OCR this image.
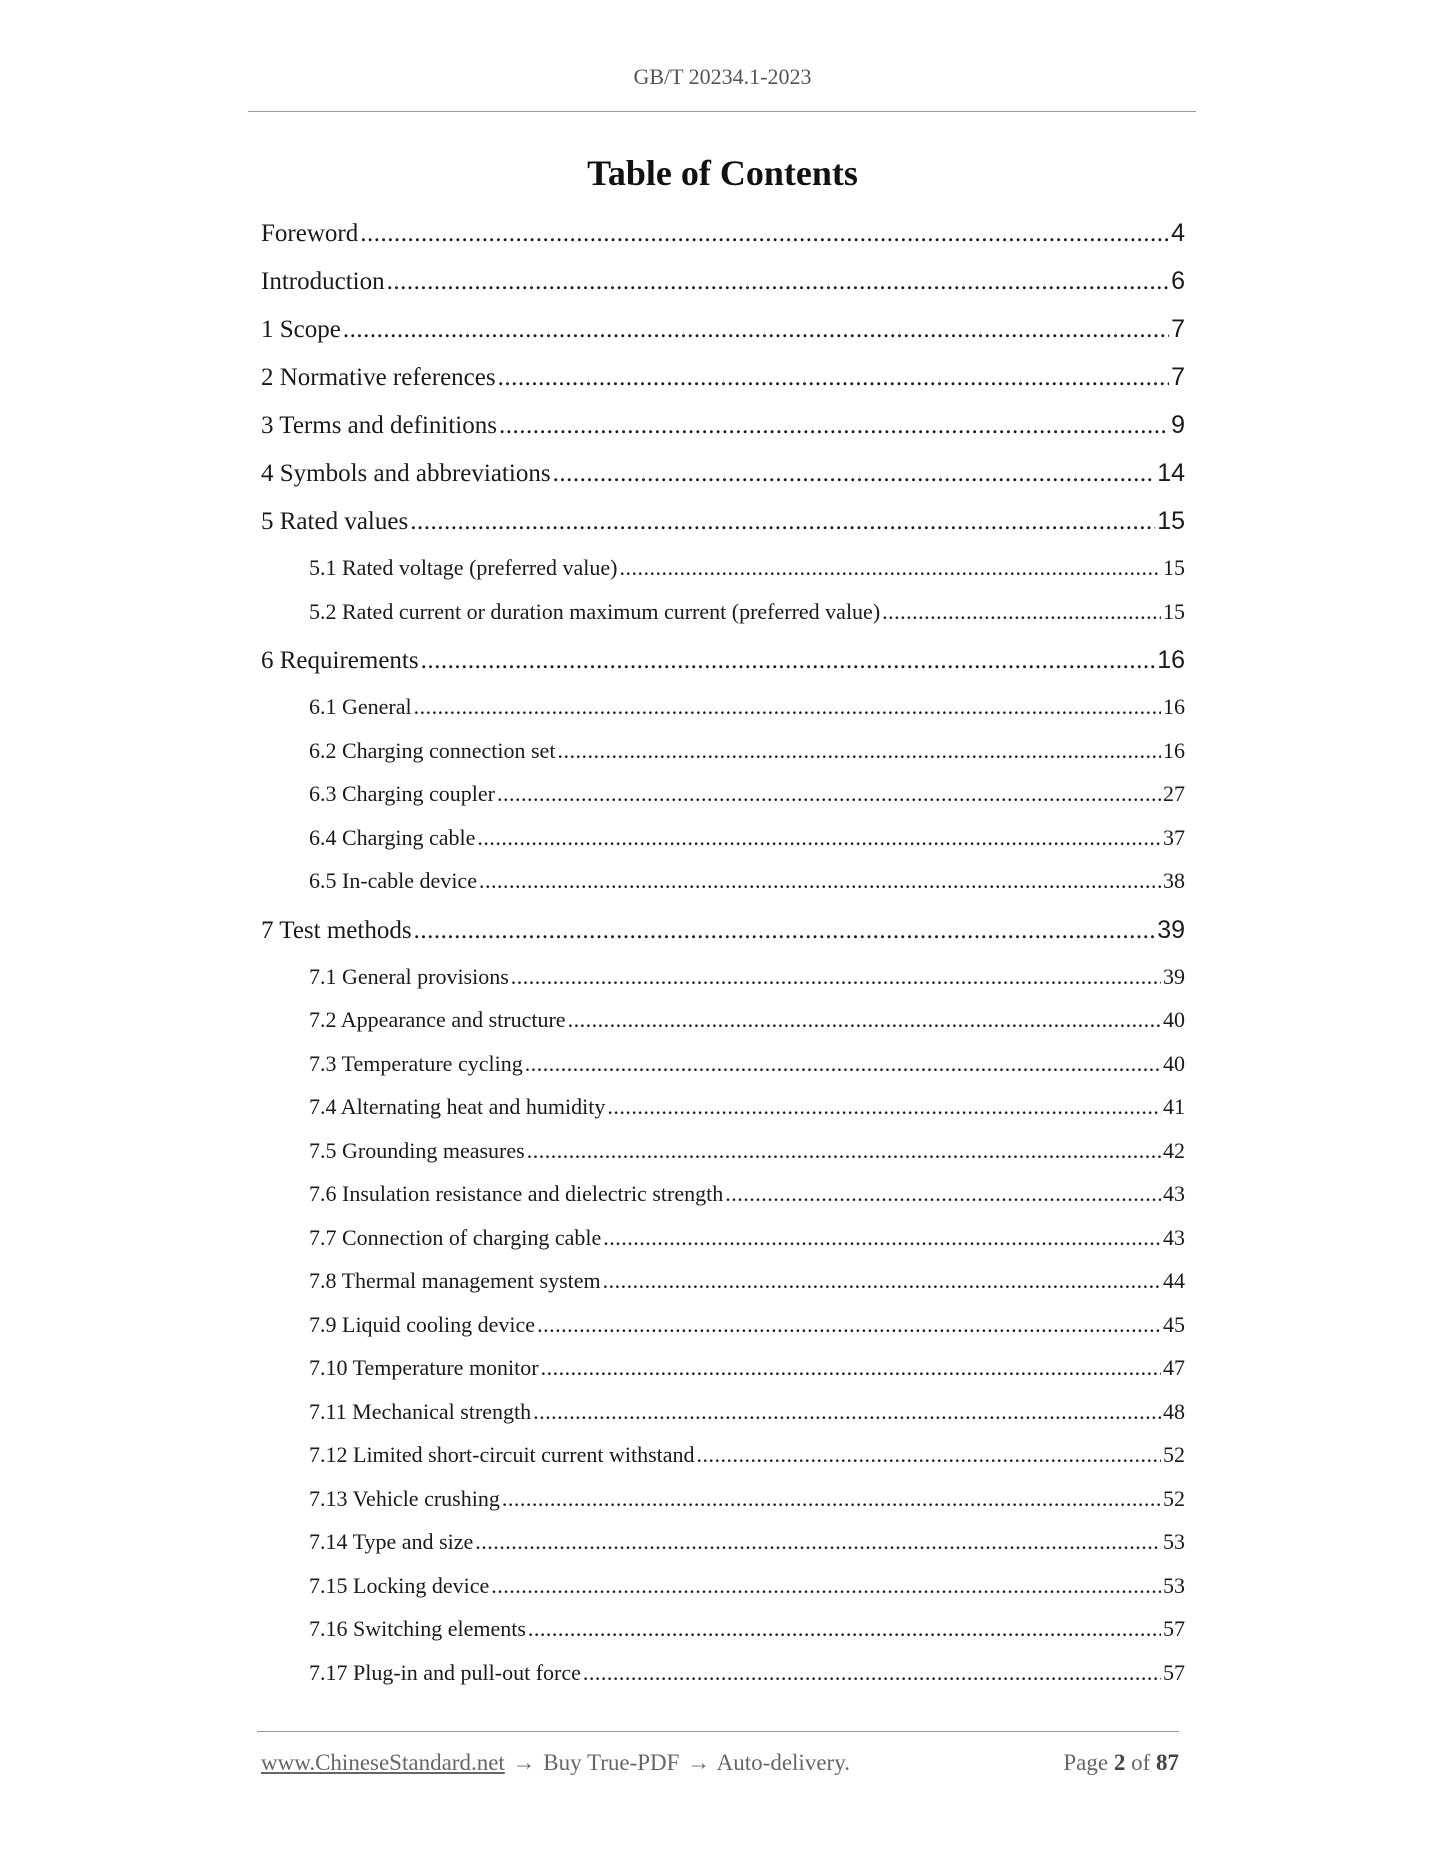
GB/T 20234.1-2023
Table of Contents
Foreword .....	4
Introduction .....	6
1 Scope .....	7
2 Normative references .....	7
3 Terms and definitions .....	9
4 Symbols and abbreviations .....	14
5 Rated values .....	15
5.1 Rated voltage (preferred value) .....	15
5.2 Rated current or duration maximum current (preferred value) .....	15
6 Requirements .....	16
6.1 General .....	16
6.2 Charging connection set .....	16
6.3 Charging coupler .....	27
6.4 Charging cable .....	37
6.5 In-cable device .....	38
7 Test methods .....	39
7.1 General provisions .....	39
7.2 Appearance and structure .....	40
7.3 Temperature cycling .....	40
7.4 Alternating heat and humidity .....	41
7.5 Grounding measures .....	42
7.6 Insulation resistance and dielectric strength .....	43
7.7 Connection of charging cable .....	43
7.8 Thermal management system .....	44
7.9 Liquid cooling device .....	45
7.10 Temperature monitor .....	47
7.11 Mechanical strength .....	48
7.12 Limited short-circuit current withstand .....	52
7.13 Vehicle crushing .....	52
7.14 Type and size .....	53
7.15 Locking device .....	53
7.16 Switching elements .....	57
7.17 Plug-in and pull-out force .....	57
www.ChineseStandard.net → Buy True-PDF → Auto-delivery.	Page 2 of 87
